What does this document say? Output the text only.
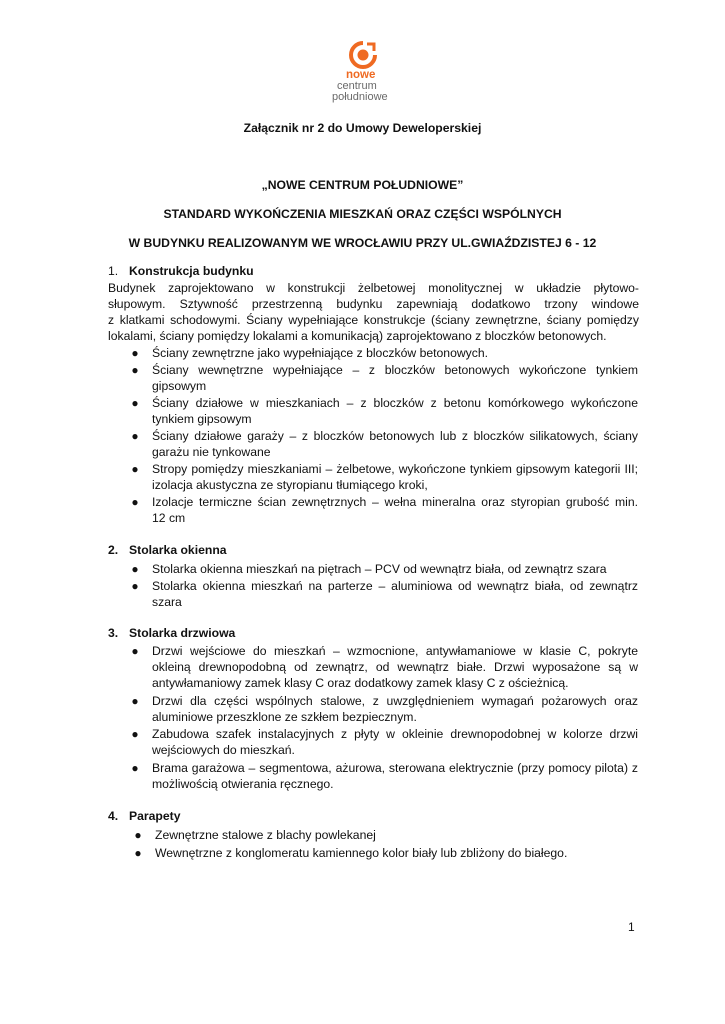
nowe
centrum
południowe
Załącznik nr 2 do Umowy Deweloperskiej
„NOWE CENTRUM POŁUDNIOWE”
STANDARD WYKOŃCZENIA MIESZKAŃ ORAZ CZĘŚCI WSPÓLNYCH
W BUDYNKU REALIZOWANYM WE WROCŁAWIU PRZY UL.GWIAŹDZISTEJ 6 - 12
1. Konstrukcja budynku
Budynek zaprojektowano w konstrukcji żelbetowej monolitycznej w układzie płytowo-
słupowym. Sztywność przestrzenną budynku zapewniają dodatkowo trzony windowe
z klatkami schodowymi. Ściany wypełniające konstrukcje (ściany zewnętrzne, ściany pomiędzy
lokalami, ściany pomiędzy lokalami a komunikacją) zaprojektowano z bloczków betonowych.
● Ściany zewnętrzne jako wypełniające z bloczków betonowych.
● Ściany wewnętrzne wypełniające – z bloczków betonowych wykończone tynkiem
gipsowym
● Ściany działowe w mieszkaniach – z bloczków z betonu komórkowego wykończone
tynkiem gipsowym
● Ściany działowe garaży – z bloczków betonowych lub z bloczków silikatowych, ściany
garażu nie tynkowane
● Stropy pomiędzy mieszkaniami – żelbetowe, wykończone tynkiem gipsowym kategorii III;
izolacja akustyczna ze styropianu tłumiącego kroki,
● Izolacje termiczne ścian zewnętrznych – wełna mineralna oraz styropian grubość min.
12 cm
2. Stolarka okienna
● Stolarka okienna mieszkań na piętrach – PCV od wewnątrz biała, od zewnątrz szara
● Stolarka okienna mieszkań na parterze – aluminiowa od wewnątrz biała, od zewnątrz
szara
3. Stolarka drzwiowa
● Drzwi wejściowe do mieszkań – wzmocnione, antywłamaniowe w klasie C, pokryte
okleiną drewnopodobną od zewnątrz, od wewnątrz białe. Drzwi wyposażone są w
antywłamaniowy zamek klasy C oraz dodatkowy zamek klasy C z ościeżnicą.
● Drzwi dla części wspólnych stalowe, z uwzględnieniem wymagań pożarowych oraz
aluminiowe przeszklone ze szkłem bezpiecznym.
● Zabudowa szafek instalacyjnych z płyty w okleinie drewnopodobnej w kolorze drzwi
wejściowych do mieszkań.
● Brama garażowa – segmentowa, ażurowa, sterowana elektrycznie (przy pomocy pilota) z
możliwością otwierania ręcznego.
4. Parapety
● Zewnętrzne stalowe z blachy powlekanej
● Wewnętrzne z konglomeratu kamiennego kolor biały lub zbliżony do białego.
1
